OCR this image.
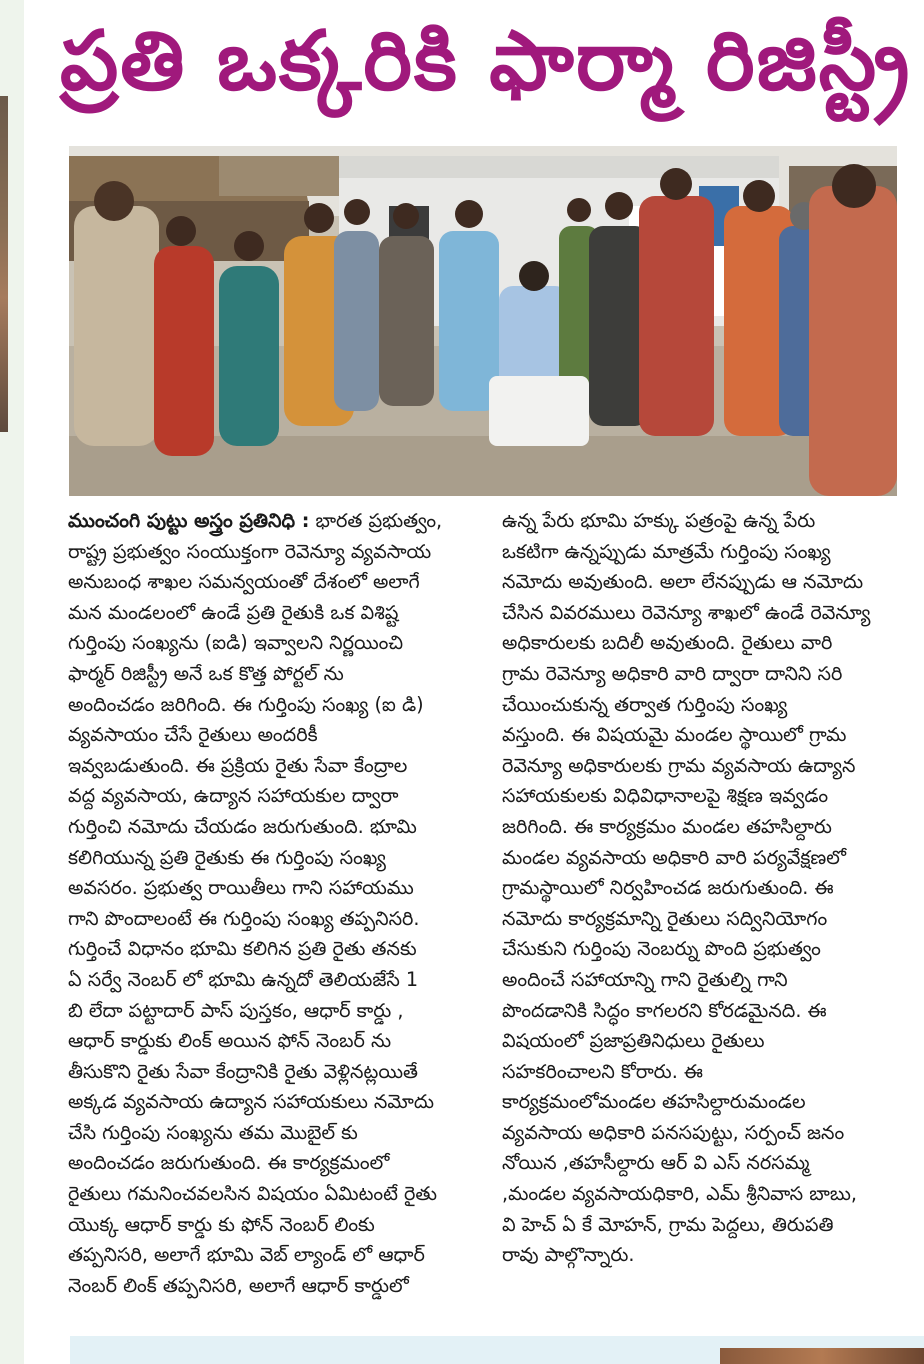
ప్రతి ఒక్కరికి ఫార్మా రిజిస్ట్రీ
ముంచంగి పుట్టు అస్త్రం ప్రతినిధి : భారత ప్రభుత్వం,
రాష్ట్ర ప్రభుత్వం సంయుక్తంగా రెవెన్యూ వ్యవసాయ
అనుబంధ శాఖల సమన్వయంతో దేశంలో అలాగే
మన మండలంలో ఉండే ప్రతి రైతుకి ఒక విశిష్ట
గుర్తింపు సంఖ్యను (ఐడి) ఇవ్వాలని నిర్ణయించి
ఫార్మర్ రిజిస్ట్రీ అనే ఒక కొత్త పోర్టల్ ను
అందించడం జరిగింది. ఈ గుర్తింపు సంఖ్య (ఐ డి)
వ్యవసాయం చేసే రైతులు అందరికీ
ఇవ్వబడుతుంది. ఈ ప్రక్రియ రైతు సేవా కేంద్రాల
వద్ద వ్యవసాయ, ఉద్యాన సహాయకుల ద్వారా
గుర్తించి నమోదు చేయడం జరుగుతుంది. భూమి
కలిగియున్న ప్రతి రైతుకు ఈ గుర్తింపు సంఖ్య
అవసరం. ప్రభుత్వ రాయితీలు గాని సహాయము
గాని పొందాలంటే ఈ గుర్తింపు సంఖ్య తప్పనిసరి.
గుర్తించే విధానం భూమి కలిగిన ప్రతి రైతు తనకు
ఏ సర్వే నెంబర్ లో భూమి ఉన్నదో తెలియజేసే 1
బి లేదా పట్టాదార్ పాస్ పుస్తకం, ఆధార్ కార్డు ,
ఆధార్ కార్డుకు లింక్ అయిన ఫోన్ నెంబర్ ను
తీసుకొని రైతు సేవా కేంద్రానికి రైతు వెళ్లినట్లయితే
అక్కడ వ్యవసాయ ఉద్యాన సహాయకులు నమోదు
చేసి గుర్తింపు సంఖ్యను తమ మొబైల్ కు
అందించడం జరుగుతుంది. ఈ కార్యక్రమంలో
రైతులు గమనించవలసిన విషయం ఏమిటంటే రైతు
యొక్క ఆధార్ కార్డు కు ఫోన్ నెంబర్ లింకు
తప్పనిసరి, అలాగే భూమి వెబ్ ల్యాండ్ లో ఆధార్
నెంబర్ లింక్ తప్పనిసరి, అలాగే ఆధార్ కార్డులో
ఉన్న పేరు భూమి హక్కు పత్రంపై ఉన్న పేరు
ఒకటిగా ఉన్నప్పుడు మాత్రమే గుర్తింపు సంఖ్య
నమోదు అవుతుంది. అలా లేనప్పుడు ఆ నమోదు
చేసిన వివరములు రెవెన్యూ శాఖలో ఉండే రెవెన్యూ
అధికారులకు బదిలీ అవుతుంది. రైతులు వారి
గ్రామ రెవెన్యూ అధికారి వారి ద్వారా దానిని సరి
చేయించుకున్న తర్వాత గుర్తింపు సంఖ్య
వస్తుంది. ఈ విషయమై మండల స్థాయిలో గ్రామ
రెవెన్యూ అధికారులకు గ్రామ వ్యవసాయ ఉద్యాన
సహాయకులకు విధివిధానాలపై శిక్షణ ఇవ్వడం
జరిగింది. ఈ కార్యక్రమం మండల తహసిల్దారు
మండల వ్యవసాయ అధికారి వారి పర్యవేక్షణలో
గ్రామస్థాయిలో నిర్వహించడ జరుగుతుంది. ఈ
నమోదు కార్యక్రమాన్ని రైతులు సద్వినియోగం
చేసుకుని గుర్తింపు నెంబర్ను పొంది ప్రభుత్వం
అందించే సహాయాన్ని గాని రైతుల్ని గాని
పొందడానికి సిద్ధం కాగలరని కోరడమైనది. ఈ
విషయంలో ప్రజాప్రతినిధులు రైతులు
సహకరించాలని కోరారు. ఈ
కార్యక్రమంలోమండల తహసిల్దారుమండల
వ్యవసాయ అధికారి పనసపుట్టు, సర్పంచ్ జనం
నోయిన ,తహసీల్దారు ఆర్ వి ఎస్ నరసమ్మ
,మండల వ్యవసాయధికారి, ఎమ్ శ్రీనివాస బాబు,
వి హెచ్ ఏ కే మోహన్, గ్రామ పెద్దలు, తిరుపతి
రావు పాల్గొన్నారు.
